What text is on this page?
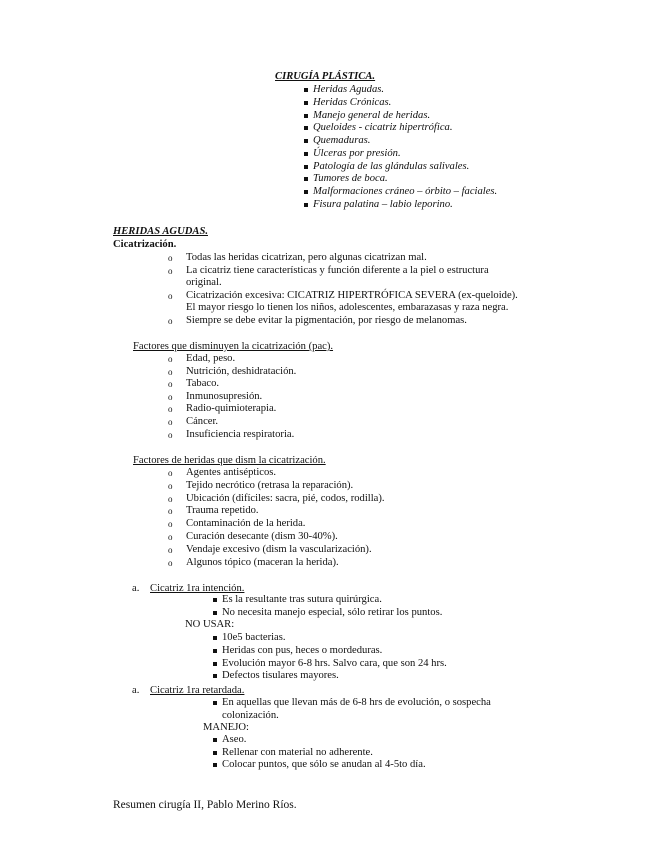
CIRUGÍA PLÁSTICA.
Heridas Agudas.
Heridas Crónicas.
Manejo general de heridas.
Queloides - cicatriz hipertrófica.
Quemaduras.
Úlceras por presión.
Patología de las glándulas salivales.
Tumores de boca.
Malformaciones cráneo – órbito – faciales.
Fisura palatina – labio leporino.
HERIDAS AGUDAS.
Cicatrización.
o Todas las heridas cicatrizan, pero algunas cicatrizan mal.
o La cicatriz tiene características y función diferente a la piel o estructura
original.
o Cicatrización excesiva: CICATRIZ HIPERTRÓFICA SEVERA (ex-queloide).
El mayor riesgo lo tienen los niños, adolescentes, embarazasas y raza negra.
o Siempre se debe evitar la pigmentación, por riesgo de melanomas.
Factores que disminuyen la cicatrización (pac).
o Edad, peso.
o Nutrición, deshidratación.
o Tabaco.
o Inmunosupresión.
o Radio-quimioterapia.
o Cáncer.
o Insuficiencia respiratoria.
Factores de heridas que dism la cicatrización.
o Agentes antisépticos.
o Tejido necrótico (retrasa la reparación).
o Ubicación (difíciles: sacra, pié, codos, rodilla).
o Trauma repetido.
o Contaminación de la herida.
o Curación desecante (dism 30-40%).
o Vendaje excesivo (dism la vascularización).
o Algunos tópico (maceran la herida).
a. Cicatriz 1ra intención.
Es la resultante tras sutura quirúrgica.
No necesita manejo especial, sólo retirar los puntos.
NO USAR:
10e5 bacterias.
Heridas con pus, heces o mordeduras.
Evolución mayor 6-8 hrs. Salvo cara, que son 24 hrs.
Defectos tisulares mayores.
a. Cicatriz 1ra retardada.
En aquellas que llevan más de 6-8 hrs de evolución, o sospecha
colonización.
MANEJO:
Aseo.
Rellenar con material no adherente.
Colocar puntos, que sólo se anudan al 4-5to día.
Resumen cirugía II, Pablo Merino Ríos.
